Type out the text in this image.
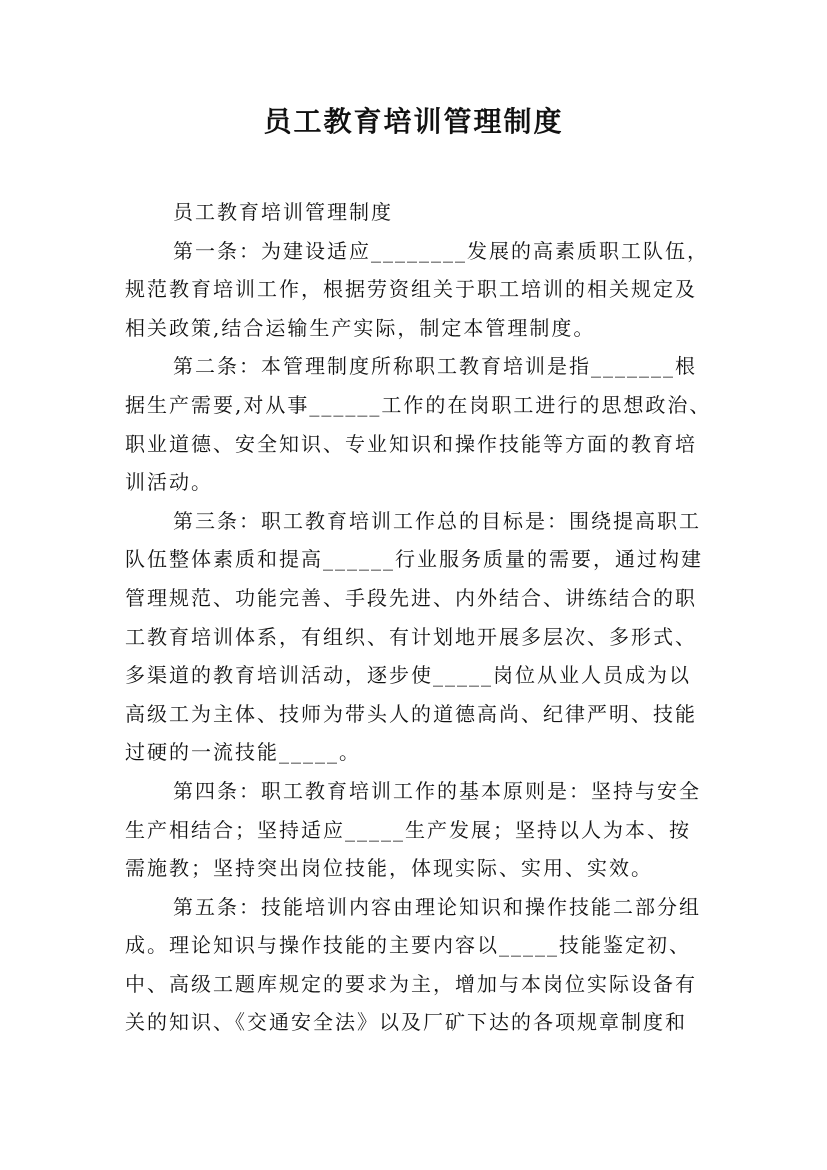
员工教育培训管理制度
员工教育培训管理制度
第一条：为建设适应________发展的高素质职工队伍，
规范教育培训工作，根据劳资组关于职工培训的相关规定及
相关政策,结合运输生产实际，制定本管理制度。
第二条：本管理制度所称职工教育培训是指_______根
据生产需要,对从事______工作的在岗职工进行的思想政治、
职业道德、安全知识、专业知识和操作技能等方面的教育培
训活动。
第三条：职工教育培训工作总的目标是：围绕提高职工
队伍整体素质和提高______行业服务质量的需要，通过构建
管理规范、功能完善、手段先进、内外结合、讲练结合的职
工教育培训体系，有组织、有计划地开展多层次、多形式、
多渠道的教育培训活动，逐步使_____岗位从业人员成为以
高级工为主体、技师为带头人的道德高尚、纪律严明、技能
过硬的一流技能_____。
第四条：职工教育培训工作的基本原则是：坚持与安全
生产相结合；坚持适应_____生产发展；坚持以人为本、按
需施教；坚持突出岗位技能，体现实际、实用、实效。
第五条：技能培训内容由理论知识和操作技能二部分组
成。理论知识与操作技能的主要内容以_____技能鉴定初、
中、高级工题库规定的要求为主，增加与本岗位实际设备有
关的知识、《交通安全法》以及厂矿下达的各项规章制度和
